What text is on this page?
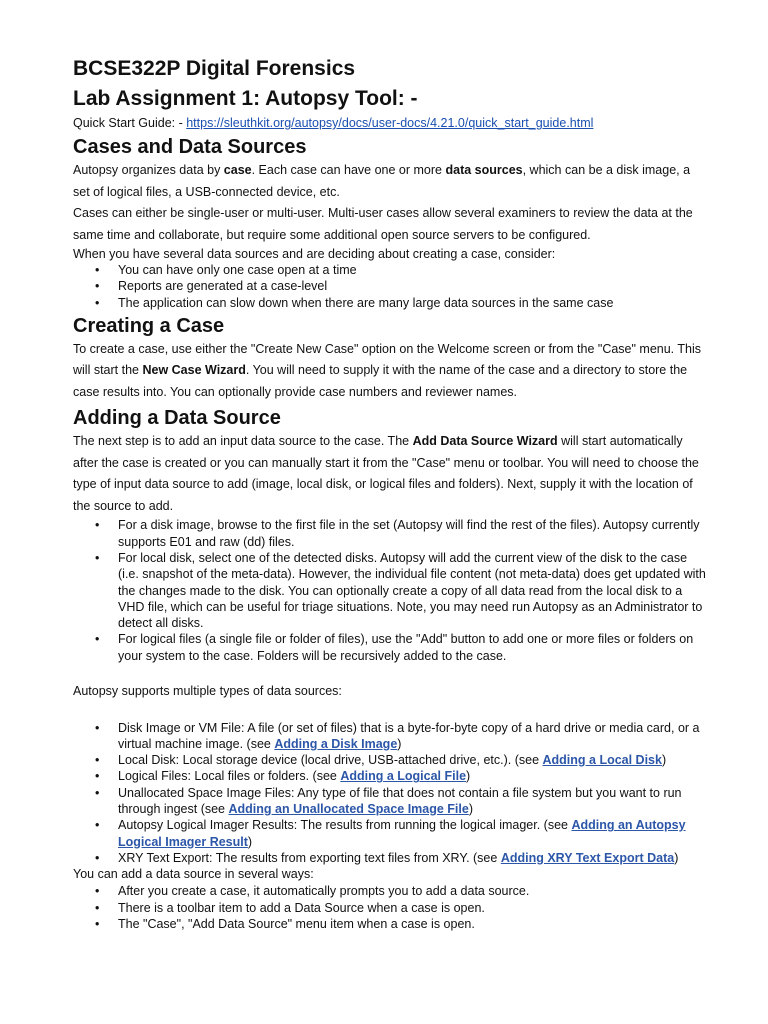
BCSE322P Digital Forensics
Lab Assignment 1: Autopsy Tool: -

Quick Start Guide: - https://sleuthkit.org/autopsy/docs/user-docs/4.21.0/quick_start_guide.html

Cases and Data Sources

Autopsy organizes data by case. Each case can have one or more data sources, which can be a disk image, a set of logical files, a USB-connected device, etc.

Cases can either be single-user or multi-user. Multi-user cases allow several examiners to review the data at the same time and collaborate, but require some additional open source servers to be configured.

When you have several data sources and are deciding about creating a case, consider:

• You can have only one case open at a time
• Reports are generated at a case-level
• The application can slow down when there are many large data sources in the same case
Creating a Case

To create a case, use either the "Create New Case" option on the Welcome screen or from the "Case" menu. This will start the New Case Wizard. You will need to supply it with the name of the case and a directory to store the case results into. You can optionally provide case numbers and reviewer names.

Adding a Data Source

The next step is to add an input data source to the case. The Add Data Source Wizard will start automatically after the case is created or you can manually start it from the "Case" menu or toolbar. You will need to choose the type of input data source to add (image, local disk, or logical files and folders). Next, supply it with the location of the source to add.

• For a disk image, browse to the first file in the set (Autopsy will find the rest of the files). Autopsy currently supports E01 and raw (dd) files.
• For local disk, select one of the detected disks. Autopsy will add the current view of the disk to the case (i.e. snapshot of the meta-data). However, the individual file content (not meta-data) does get updated with the changes made to the disk. You can optionally create a copy of all data read from the local disk to a VHD file, which can be useful for triage situations. Note, you may need run Autopsy as an Administrator to detect all disks.
• For logical files (a single file or folder of files), use the "Add" button to add one or more files or folders on your system to the case. Folders will be recursively added to the case.

Autopsy supports multiple types of data sources:

• Disk Image or VM File: A file (or set of files) that is a byte-for-byte copy of a hard drive or media card, or a virtual machine image. (see Adding a Disk Image)
• Local Disk: Local storage device (local drive, USB-attached drive, etc.). (see Adding a Local Disk)
• Logical Files: Local files or folders. (see Adding a Logical File)
• Unallocated Space Image Files: Any type of file that does not contain a file system but you want to run through ingest (see Adding an Unallocated Space Image File)
• Autopsy Logical Imager Results: The results from running the logical imager. (see Adding an Autopsy Logical Imager Result)
• XRY Text Export: The results from exporting text files from XRY. (see Adding XRY Text Export Data)

You can add a data source in several ways:

• After you create a case, it automatically prompts you to add a data source.
• There is a toolbar item to add a Data Source when a case is open.
• The "Case", "Add Data Source" menu item when a case is open.
